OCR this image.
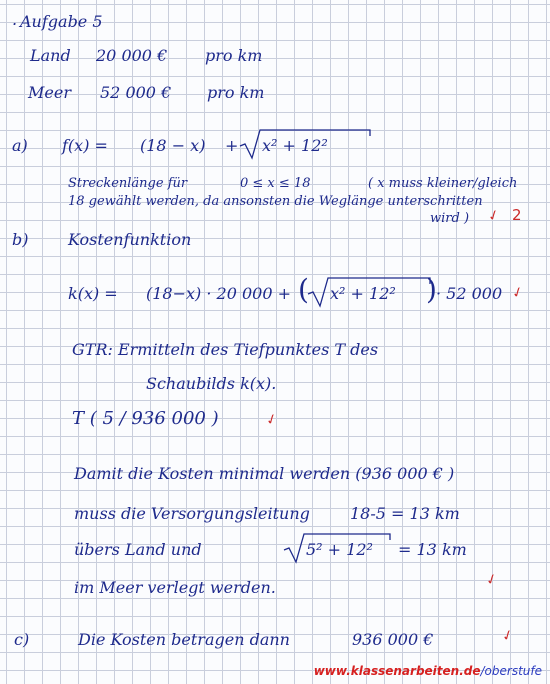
. Aufgabe 5
Land 20 000 € pro km
Meer 52 000 € pro km
a) f(x) = (18 − x) + x² + 12²
Streckenlänge für	0 ≤ x ≤ 18	( x muss kleiner/gleich
18 gewählt werden, da ansonsten die Weglänge unterschritten
wird ) ✓ 2
b) Kostenfunktion
k(x) = (18−x) · 20 000 + ( x² + 12² ) · 52 000 ✓
GTR: Ermitteln des Tiefpunktes T des
Schaubilds k(x).
T ( 5 / 936 000 )	✓
Damit die Kosten minimal werden (936 000 € )
muss die Versorgungsleitung	18-5 = 13 km
übers Land und	5² + 12² = 13 km
im Meer verlegt werden.	✓
c)	Die Kosten betragen dann	936 000 €	✓
www.klassenarbeiten.de/oberstufe
